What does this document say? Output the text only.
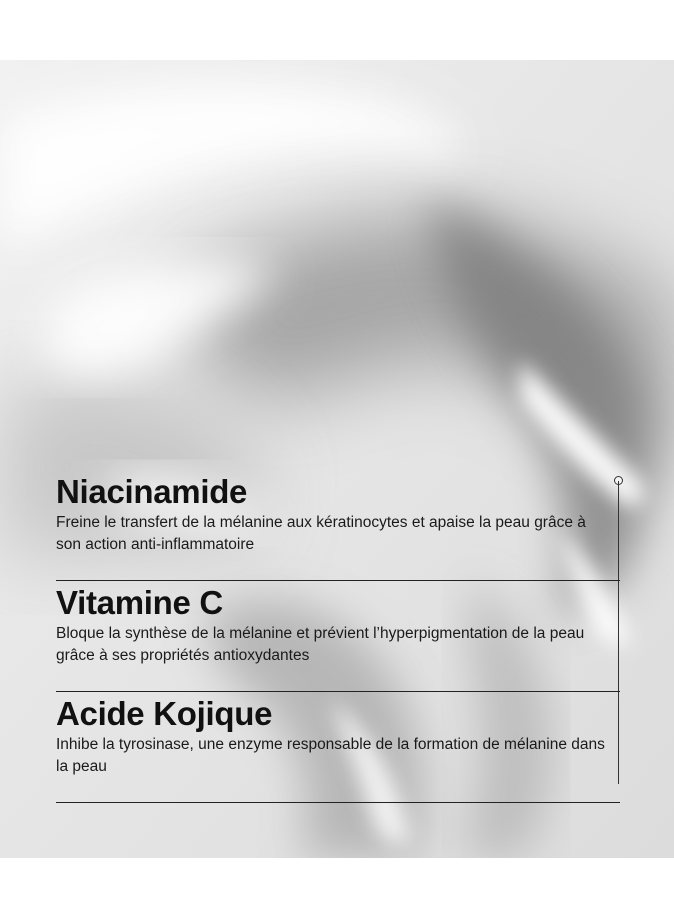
Niacinamide

Freine le transfert de la mélanine aux kératinocytes et apaise la peau grâce à son action anti-inflammatoire

Vitamine C

Bloque la synthèse de la mélanine et prévient l’hyperpigmentation de la peau grâce à ses propriétés antioxydantes

Acide Kojique

Inhibe la tyrosinase, une enzyme responsable de la formation de mélanine dans la peau
